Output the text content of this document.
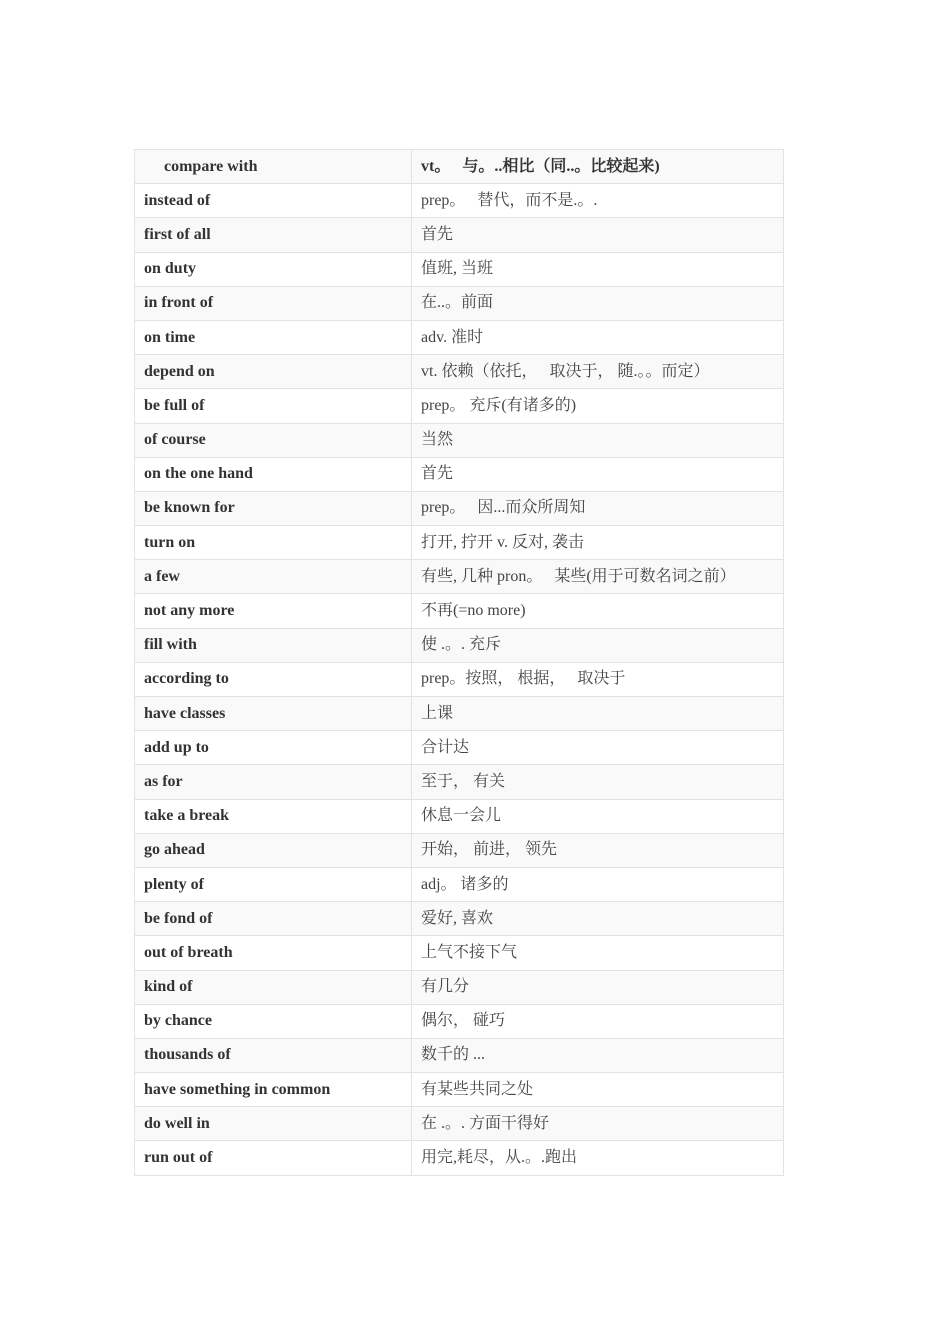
compare with	vt。　 与。..相比（同..。比较起来)
instead of	prep。　 替代，而不是.。.
first of all	首先
on duty	值班, 当班
in front of	在..。前面
on time	adv. 准时
depend on	vt. 依赖（依托，　 取决于， 随.。。而定）
be full of	prep。 充斥(有诸多的)
of course	当然
on the one hand	首先
be known for	prep。　 因...而众所周知
turn on	打开, 拧开 v. 反对, 袭击
a few	有些, 几种 pron。　 某些(用于可数名词之前）
not any more	不再(=no more)
fill with	使 .。. 充斥
according to	prep。按照， 根据，　 取决于
have classes	上课
add up to	合计达
as for	至于， 有关
take a break	休息一会儿
go ahead	开始， 前进， 领先
plenty of	adj。 诸多的
be fond of	爱好, 喜欢
out of breath	上气不接下气
kind of	有几分
by chance	偶尔， 碰巧
thousands of	数千的 ...
have something in common	有某些共同之处
do well in	在 .。. 方面干得好
run out of	用完,耗尽，从.。.跑出
